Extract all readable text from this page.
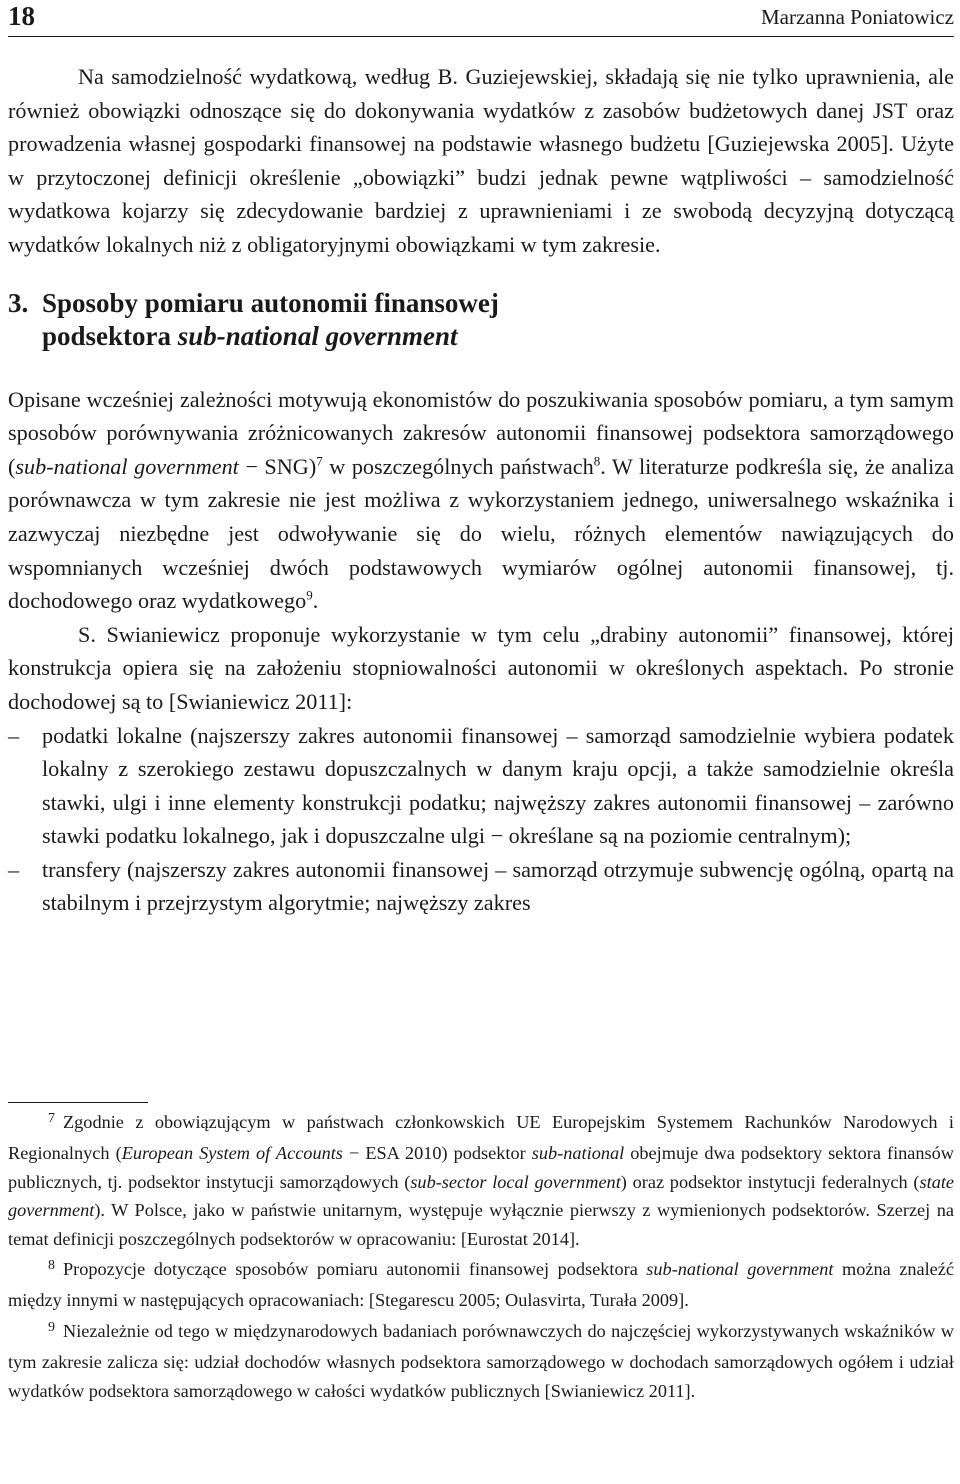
18	Marzanna Poniatowicz

Na samodzielność wydatkową, według B. Guziejewskiej, składają się nie tylko uprawnienia, ale również obowiązki odnoszące się do dokonywania wydatków z zasobów budżetowych danej JST oraz prowadzenia własnej gospodarki finansowej na podstawie własnego budżetu [Guziejewska 2005]. Użyte w przytoczonej definicji określenie „obowiązki” budzi jednak pewne wątpliwości – samodzielność wydatkowa kojarzy się zdecydowanie bardziej z uprawnieniami i ze swobodą decyzyjną dotyczącą wydatków lokalnych niż z obligatoryjnymi obowiązkami w tym zakresie.

3. Sposoby pomiaru autonomii finansowej
podsektora sub-national government

Opisane wcześniej zależności motywują ekonomistów do poszukiwania sposobów pomiaru, a tym samym sposobów porównywania zróżnicowanych zakresów autonomii finansowej podsektora samorządowego (sub-national government − SNG)$^7$ w poszczególnych państwach$^8$. W literaturze podkreśla się, że analiza porównawcza w tym zakresie nie jest możliwa z wykorzystaniem jednego, uniwersalnego wskaźnika i zazwyczaj niezbędne jest odwoływanie się do wielu, różnych elementów nawiązujących do wspomnianych wcześniej dwóch podstawowych wymiarów ogólnej autonomii finansowej, tj. dochodowego oraz wydatkowego$^9$.

S. Swianiewicz proponuje wykorzystanie w tym celu „drabiny autonomii” finansowej, której konstrukcja opiera się na założeniu stopniowalności autonomii w określonych aspektach. Po stronie dochodowej są to [Swianiewicz 2011]:

– podatki lokalne (najszerszy zakres autonomii finansowej – samorząd samodzielnie wybiera podatek lokalny z szerokiego zestawu dopuszczalnych w danym kraju opcji, a także samodzielnie określa stawki, ulgi i inne elementy konstrukcji podatku; najwęższy zakres autonomii finansowej – zarówno stawki podatku lokalnego, jak i dopuszczalne ulgi − określane są na poziomie centralnym);
– transfery (najszerszy zakres autonomii finansowej – samorząd otrzymuje subwencję ogólną, opartą na stabilnym i przejrzystym algorytmie; najwęższy zakres

$^7$ Zgodnie z obowiązującym w państwach członkowskich UE Europejskim Systemem Rachunków Narodowych i Regionalnych (European System of Accounts − ESA 2010) podsektor sub-national obejmuje dwa podsektory sektora finansów publicznych, tj. podsektor instytucji samorządowych (sub-sector local government) oraz podsektor instytucji federalnych (state government). W Polsce, jako w państwie unitarnym, występuje wyłącznie pierwszy z wymienionych podsektorów. Szerzej na temat definicji poszczególnych podsektorów w opracowaniu: [Eurostat 2014].

$^8$ Propozycje dotyczące sposobów pomiaru autonomii finansowej podsektora sub-national government można znaleźć między innymi w następujących opracowaniach: [Stegarescu 2005; Oulasvirta, Turała 2009].

$^9$ Niezależnie od tego w międzynarodowych badaniach porównawczych do najczęściej wykorzystywanych wskaźników w tym zakresie zalicza się: udział dochodów własnych podsektora samorządowego w dochodach samorządowych ogółem i udział wydatków podsektora samorządowego w całości wydatków publicznych [Swianiewicz 2011].
